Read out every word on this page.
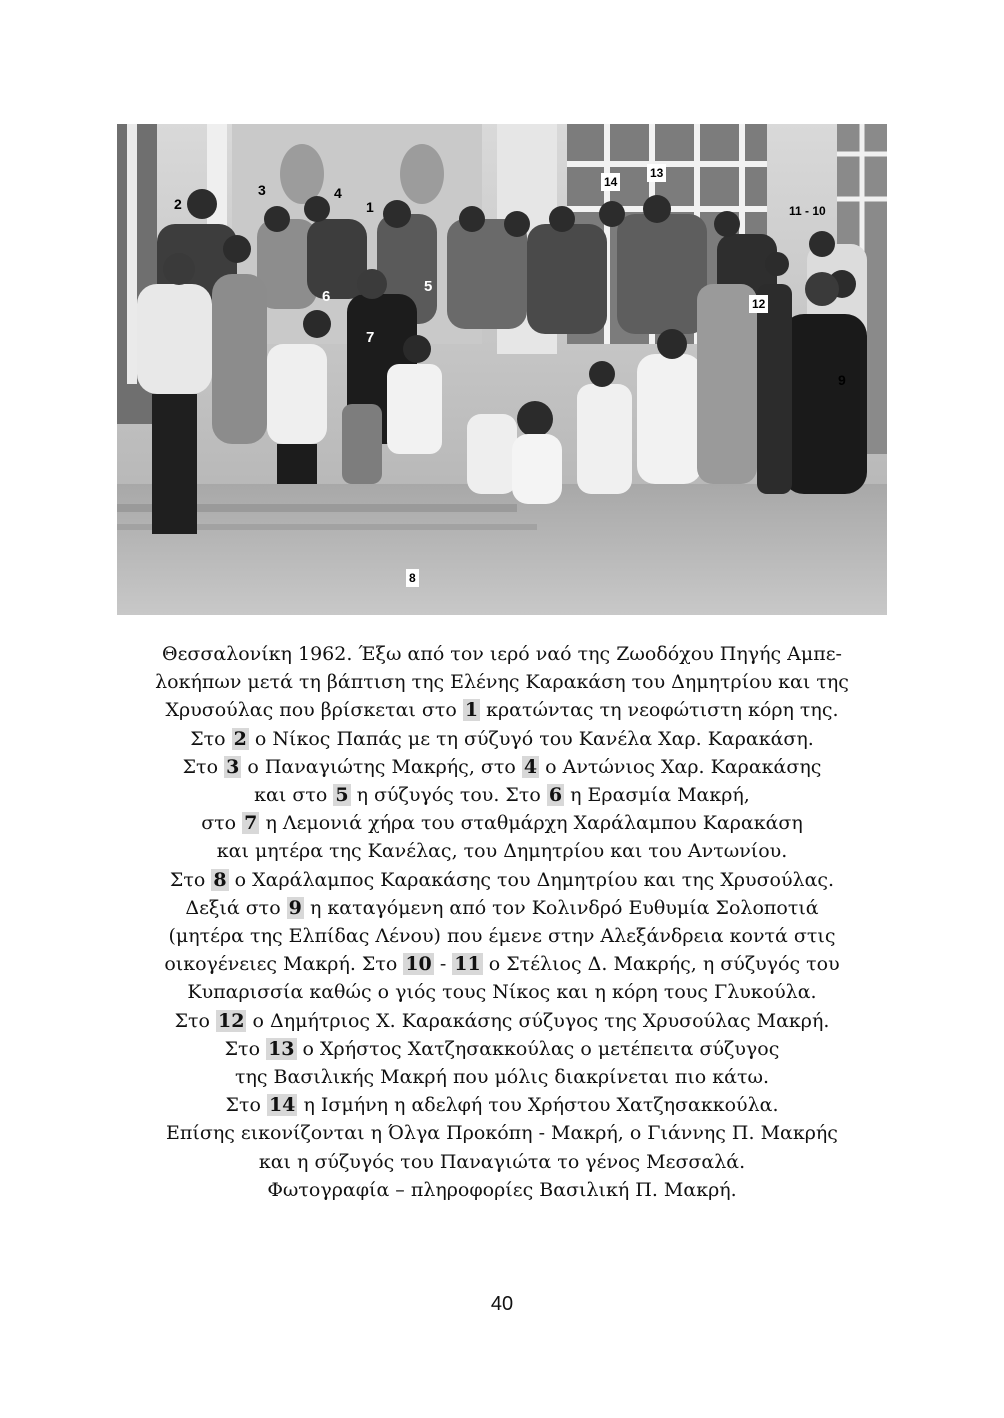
2
3	4
1
14
13
11 - 10
5
6	12
7
9
8
Θεσσαλονίκη 1962. Έξω από τον ιερό ναό της Ζωοδόχου Πηγής Αμπε-
λοκήπων μετά τη βάπτιση της Ελένης Καρακάση του Δημητρίου και της
Χρυσούλας που βρίσκεται στο 1 κρατώντας τη νεοφώτιστη κόρη της.
Στο 2 ο Νίκος Παπάς με τη σύζυγό του Κανέλα Χαρ. Καρακάση.
Στο 3 ο Παναγιώτης Μακρής, στο 4 ο Αντώνιος Χαρ. Καρακάσης
και στο 5 η σύζυγός του. Στο 6 η Ερασμία Μακρή,
στο 7 η Λεμονιά χήρα του σταθμάρχη Χαράλαμπου Καρακάση
και μητέρα της Κανέλας, του Δημητρίου και του Αντωνίου.
Στο 8 ο Χαράλαμπος Καρακάσης του Δημητρίου και της Χρυσούλας.
Δεξιά στο 9 η καταγόμενη από τον Κολινδρό Ευθυμία Σολοποτιά
(μητέρα της Ελπίδας Λένου) που έμενε στην Αλεξάνδρεια κοντά στις
οικογένειες Μακρή. Στο 10 - 11 ο Στέλιος Δ. Μακρής, η σύζυγός του
Κυπαρισσία καθώς ο γιός τους Νίκος και η κόρη τους Γλυκούλα.
Στο 12 ο Δημήτριος Χ. Καρακάσης σύζυγος της Χρυσούλας Μακρή.
Στο 13 ο Χρήστος Χατζησακκούλας ο μετέπειτα σύζυγος
της Βασιλικής Μακρή που μόλις διακρίνεται πιο κάτω.
Στο 14 η Ισμήνη η αδελφή του Χρήστου Χατζησακκούλα.
Επίσης εικονίζονται η Όλγα Προκόπη - Μακρή, ο Γιάννης Π. Μακρής
και η σύζυγός του Παναγιώτα το γένος Μεσσαλά.
Φωτογραφία – πληροφορίες Βασιλική Π. Μακρή.
40
